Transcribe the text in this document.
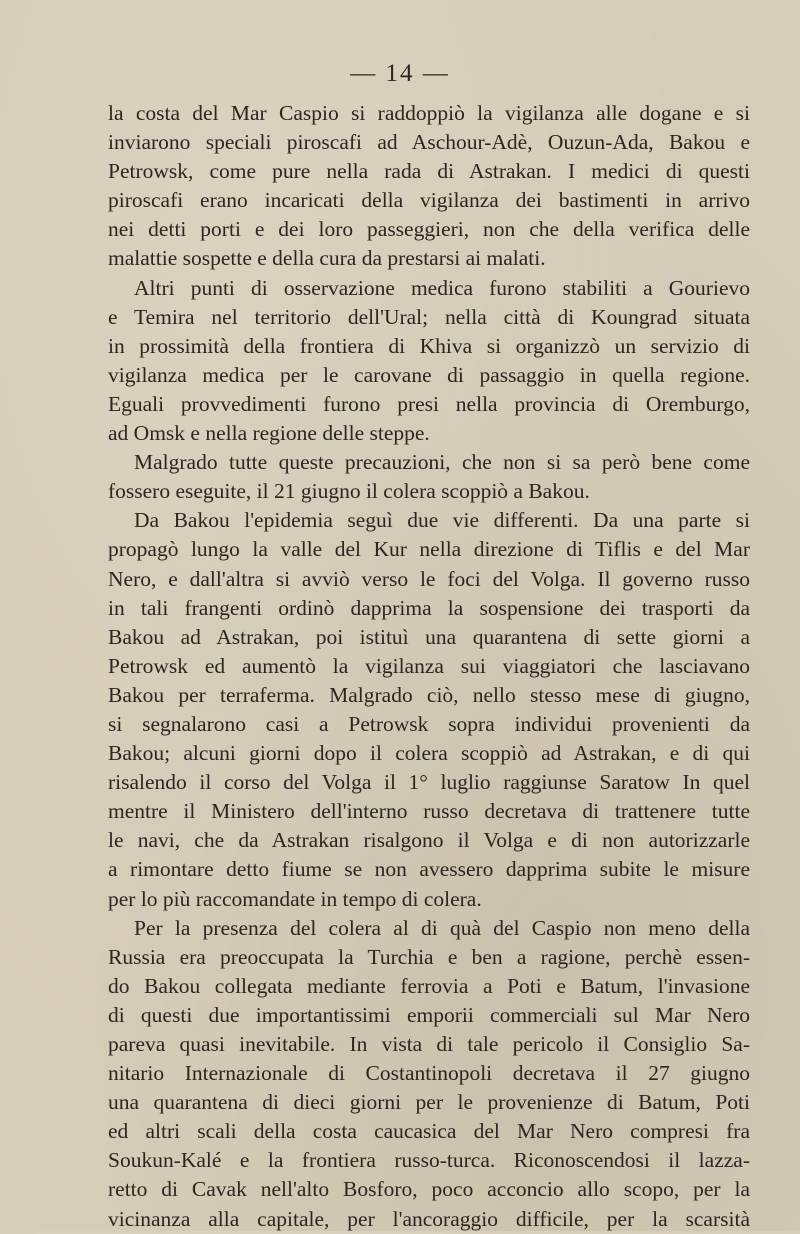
— 14 —
la costa del Mar Caspio si raddoppiò la vigilanza alle dogane e si
inviarono speciali piroscafi ad Aschour-Adè, Ouzun-Ada, Bakou e
Petrowsk, come pure nella rada di Astrakan. I medici di questi
piroscafi erano incaricati della vigilanza dei bastimenti in arrivo
nei detti porti e dei loro passeggieri, non che della verifica delle
malattie sospette e della cura da prestarsi ai malati.
Altri punti di osservazione medica furono stabiliti a Gourievo
e Temira nel territorio dell'Ural; nella città di Koungrad situata
in prossimità della frontiera di Khiva si organizzò un servizio di
vigilanza medica per le carovane di passaggio in quella regione.
Eguali provvedimenti furono presi nella provincia di Oremburgo,
ad Omsk e nella regione delle steppe.
Malgrado tutte queste precauzioni, che non si sa però bene come
fossero eseguite, il 21 giugno il colera scoppiò a Bakou.
Da Bakou l'epidemia seguì due vie differenti. Da una parte si
propagò lungo la valle del Kur nella direzione di Tiflis e del Mar
Nero, e dall'altra si avviò verso le foci del Volga. Il governo russo
in tali frangenti ordinò dapprima la sospensione dei trasporti da
Bakou ad Astrakan, poi istituì una quarantena di sette giorni a
Petrowsk ed aumentò la vigilanza sui viaggiatori che lasciavano
Bakou per terraferma. Malgrado ciò, nello stesso mese di giugno,
si segnalarono casi a Petrowsk sopra individui provenienti da
Bakou; alcuni giorni dopo il colera scoppiò ad Astrakan, e di qui
risalendo il corso del Volga il 1° luglio raggiunse Saratow In quel
mentre il Ministero dell'interno russo decretava di trattenere tutte
le navi, che da Astrakan risalgono il Volga e di non autorizzarle
a rimontare detto fiume se non avessero dapprima subite le misure
per lo più raccomandate in tempo di colera.
Per la presenza del colera al di quà del Caspio non meno della
Russia era preoccupata la Turchia e ben a ragione, perchè essen-
do Bakou collegata mediante ferrovia a Poti e Batum, l'invasione
di questi due importantissimi emporii commerciali sul Mar Nero
pareva quasi inevitabile. In vista di tale pericolo il Consiglio Sa-
nitario Internazionale di Costantinopoli decretava il 27 giugno
una quarantena di dieci giorni per le provenienze di Batum, Poti
ed altri scali della costa caucasica del Mar Nero compresi fra
Soukun-Kalé e la frontiera russo-turca. Riconoscendosi il lazza-
retto di Cavak nell'alto Bosforo, poco acconcio allo scopo, per la
vicinanza alla capitale, per l'ancoraggio difficile, per la scarsità
